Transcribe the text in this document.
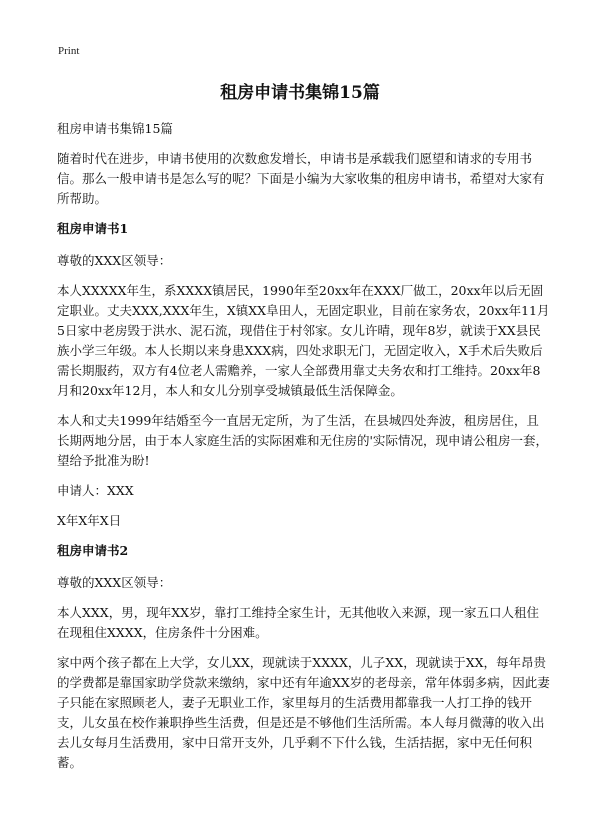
Print
租房申请书集锦15篇

租房申请书集锦15篇

随着时代在进步，申请书使用的次数愈发增长，申请书是承载我们愿望和请求的专用书信。那么一般申请书是怎么写的呢？下面是小编为大家收集的租房申请书，希望对大家有所帮助。

租房申请书1

尊敬的XXX区领导：

本人XXXXX年生，系XXXX镇居民，1990年至20xx年在XXX厂做工，20xx年以后无固定职业。丈夫XXX,XXX年生，X镇XX阜田人，无固定职业，目前在家务农，20xx年11月5日家中老房毁于洪水、泥石流，现借住于村邻家。女儿许晴，现年8岁，就读于XX县民族小学三年级。本人长期以来身患XXX病，四处求职无门，无固定收入，X手术后失败后需长期服药，双方有4位老人需赡养，一家人全部费用靠丈夫务农和打工维持。20xx年8月和20xx年12月，本人和女儿分别享受城镇最低生活保障金。

本人和丈夫1999年结婚至今一直居无定所，为了生活，在县城四处奔波，租房居住，且长期两地分居，由于本人家庭生活的实际困难和无住房的'实际情况，现申请公租房一套，望给予批准为盼!

申请人：XXX

X年X年X日

租房申请书2

尊敬的XXX区领导：

本人XXX，男，现年XX岁，靠打工维持全家生计，无其他收入来源，现一家五口人租住在现租住XXXX，住房条件十分困难。

家中两个孩子都在上大学，女儿XX，现就读于XXXX，儿子XX，现就读于XX，每年昂贵的学费都是靠国家助学贷款来缴纳，家中还有年逾XX岁的老母亲，常年体弱多病，因此妻子只能在家照顾老人，妻子无职业工作，家里每月的生活费用都靠我一人打工挣的钱开支，儿女虽在校作兼职挣些生活费，但是还是不够他们生活所需。本人每月微薄的收入出去儿女每月生活费用，家中日常开支外，几乎剩不下什么钱，生活拮据，家中无任何积蓄。
